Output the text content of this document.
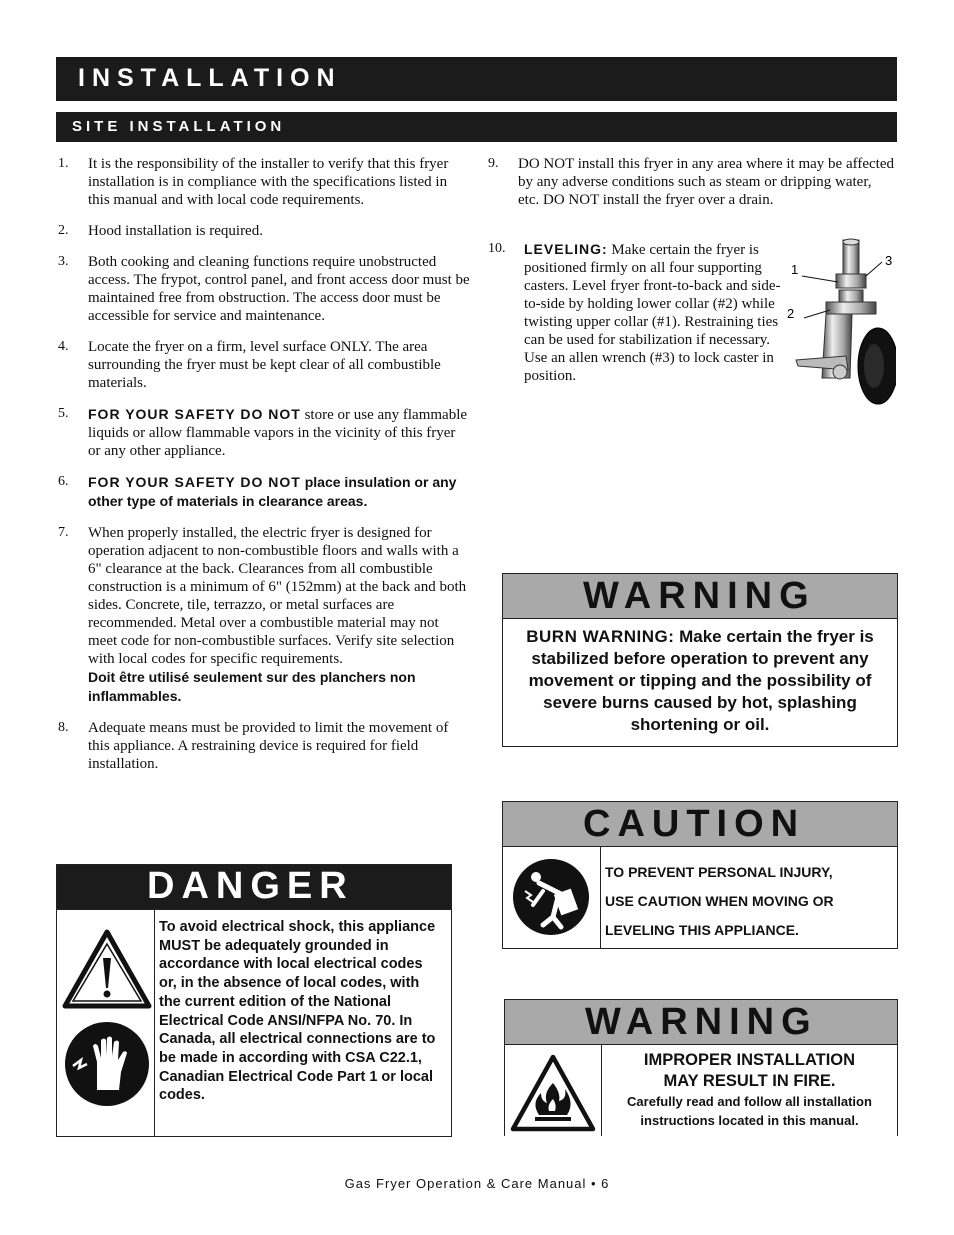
INSTALLATION
SITE INSTALLATION
1. It is the responsibility of the installer to verify that this fryer installation is in compliance with the specifications listed in this manual and with local code requirements.
2. Hood installation is required.
3. Both cooking and cleaning functions require unobstructed access. The frypot, control panel, and front access door must be maintained free from obstruction. The access door must be accessible for service and maintenance.
4. Locate the fryer on a firm, level surface ONLY. The area surrounding the fryer must be kept clear of all combustible materials.
5. FOR YOUR SAFETY DO NOT store or use any flammable liquids or allow flammable vapors in the vicinity of this fryer or any other appliance.
6. FOR YOUR SAFETY DO NOT place insulation or any other type of materials in clearance areas.
7. When properly installed, the electric fryer is designed for operation adjacent to non-combustible floors and walls with a 6" clearance at the back. Clearances from all combustible construction is a minimum of 6" (152mm) at the back and both sides. Concrete, tile, terrazzo, or metal surfaces are recommended. Metal over a combustible material may not meet code for non-combustible surfaces. Verify site selection with local codes for specific requirements.
Doit être utilisé seulement sur des planchers non inflammables.
8. Adequate means must be provided to limit the movement of this appliance. A restraining device is required for field installation.
9. DO NOT install this fryer in any area where it may be affected by any adverse conditions such as steam or dripping water, etc. DO NOT install the fryer over a drain.
10.	LEVELING: Make certain the fryer is positioned firmly on all four supporting casters. Level fryer front-to-back and side-to-side by holding lower collar (#2) while twisting upper collar (#1). Restraining ties can be used for stabilization if necessary. Use an allen wrench (#3) to lock caster in position.
1
2
3
WARNING
BURN WARNING: Make certain the fryer is stabilized before operation to prevent any movement or tipping and the possibility of severe burns caused by hot, splashing shortening or oil.
CAUTION
TO PREVENT PERSONAL INJURY,
USE CAUTION WHEN MOVING OR
LEVELING THIS APPLIANCE.
DANGER
To avoid electrical shock, this appliance MUST be adequately grounded in accordance with local electrical codes or, in the absence of local codes, with the current edition of the National Electrical Code ANSI/NFPA No. 70. In Canada, all electrical connections are to be made in according with CSA C22.1, Canadian Electrical Code Part 1 or local codes.
WARNING
IMPROPER INSTALLATION
MAY RESULT IN FIRE.
Carefully read and follow all installation
instructions located in this manual.
Gas Fryer Operation & Care Manual • 6
